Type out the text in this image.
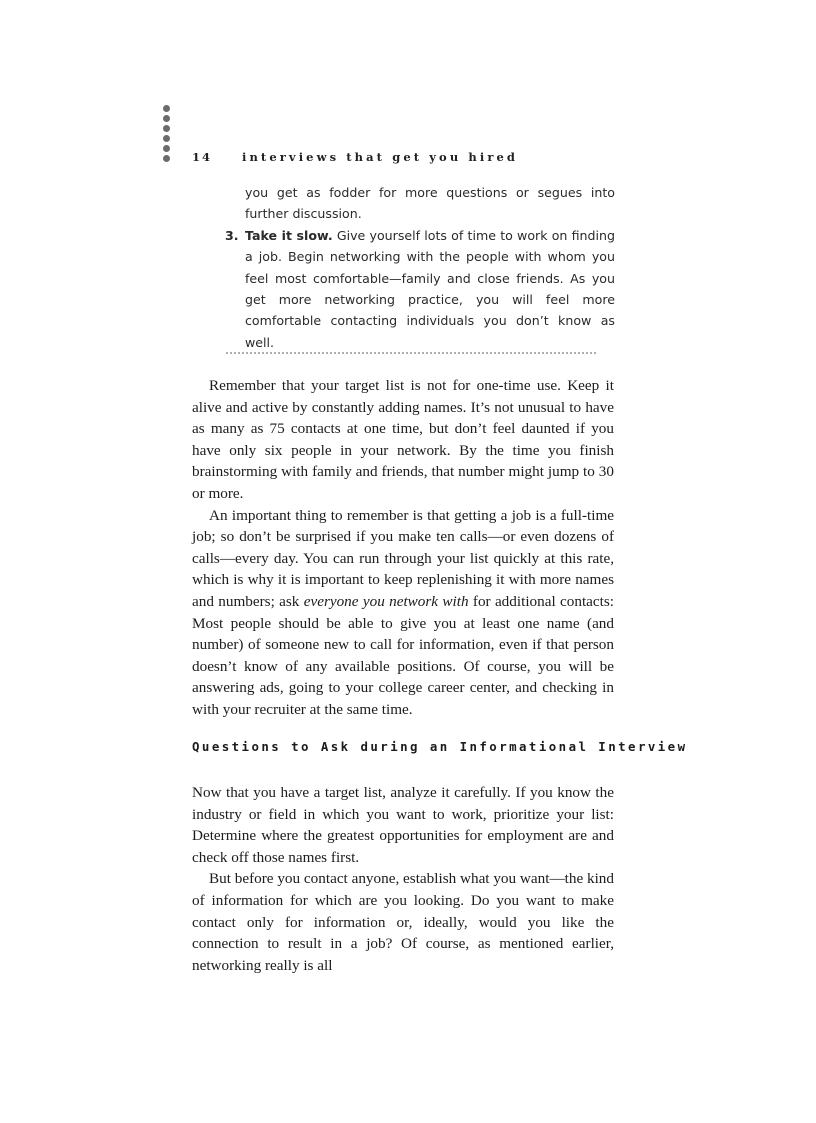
14	interviews that get you hired
you get as fodder for more questions or segues into further discussion.
3. Take it slow. Give yourself lots of time to work on finding a job. Begin networking with the people with whom you feel most comfortable—family and close friends. As you get more networking practice, you will feel more comfortable contacting individuals you don’t know as well.

Remember that your target list is not for one-time use. Keep it alive and active by constantly adding names. It’s not unusual to have as many as 75 contacts at one time, but don’t feel daunted if you have only six people in your network. By the time you finish brainstorming with family and friends, that number might jump to 30 or more.

An important thing to remember is that getting a job is a full-time job; so don’t be surprised if you make ten calls—or even dozens of calls—every day. You can run through your list quickly at this rate, which is why it is important to keep replenishing it with more names and numbers; ask everyone you network with for additional contacts: Most people should be able to give you at least one name (and number) of someone new to call for information, even if that person doesn’t know of any available positions. Of course, you will be answering ads, going to your college career center, and checking in with your recruiter at the same time.

Questions to Ask during an Informational Interview

Now that you have a target list, analyze it carefully. If you know the industry or field in which you want to work, prioritize your list: Determine where the greatest opportunities for employment are and check off those names first.

But before you contact anyone, establish what you want—the kind of information for which are you looking. Do you want to make contact only for information or, ideally, would you like the connection to result in a job? Of course, as mentioned earlier, networking really is all
